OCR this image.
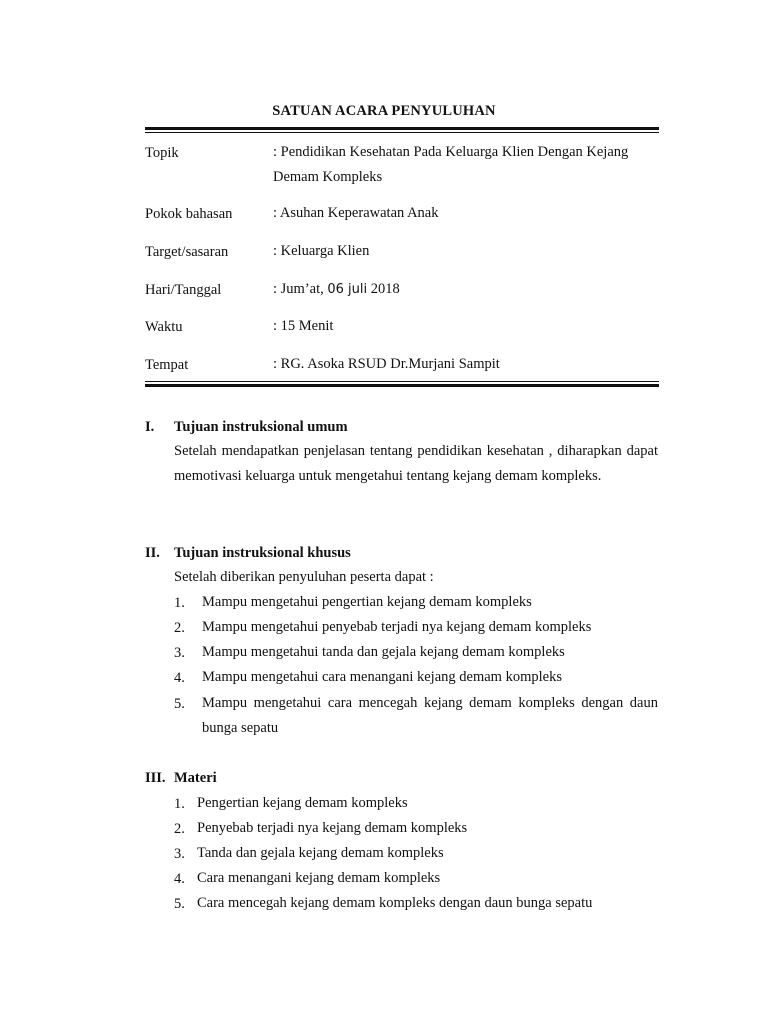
SATUAN ACARA PENYULUHAN
Topik	: Pendidikan Kesehatan Pada Keluarga Klien Dengan Kejang Demam Kompleks
Pokok bahasan	: Asuhan Keperawatan Anak
Target/sasaran	: Keluarga Klien
Hari/Tanggal	: Jum’at, 06 juli 2018
Waktu	: 15 Menit
Tempat	: RG. Asoka RSUD Dr.Murjani Sampit
I. Tujuan instruksional umum
Setelah mendapatkan penjelasan tentang pendidikan kesehatan , diharapkan dapat memotivasi keluarga untuk mengetahui tentang kejang demam kompleks.
II. Tujuan instruksional khusus
Setelah diberikan penyuluhan peserta dapat :
1. Mampu mengetahui pengertian kejang demam kompleks
2. Mampu mengetahui penyebab terjadi nya kejang demam kompleks
3. Mampu mengetahui tanda dan gejala kejang demam kompleks
4. Mampu mengetahui cara menangani kejang demam kompleks
5. Mampu mengetahui cara mencegah kejang demam kompleks dengan daun bunga sepatu
III. Materi
1. Pengertian kejang demam kompleks
2. Penyebab terjadi nya kejang demam kompleks
3. Tanda dan gejala kejang demam kompleks
4. Cara menangani kejang demam kompleks
5. Cara mencegah kejang demam kompleks dengan daun bunga sepatu
